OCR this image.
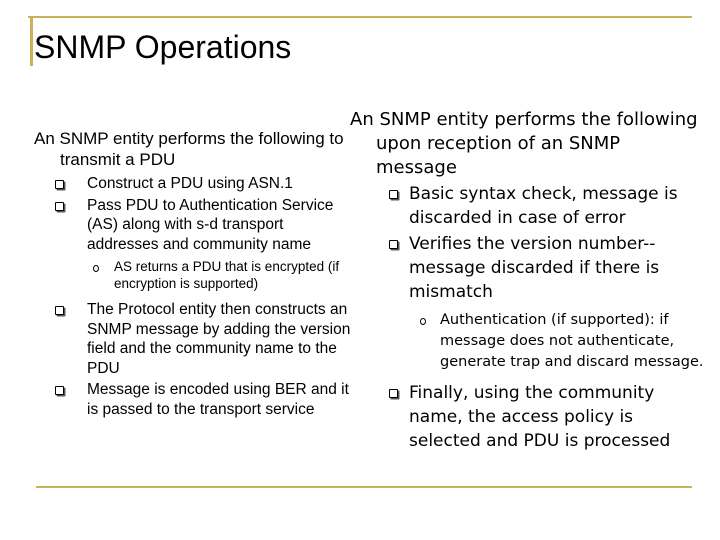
SNMP Operations

An SNMP entity performs the following to transmit a PDU

Construct a PDU using ASN.1
Pass PDU to Authentication Service (AS) along with s-d transport addresses and community name
AS returns a PDU that is encrypted (if encryption is supported)
The Protocol entity then constructs an SNMP message by adding the version field and the community name to the PDU
Message is encoded using BER and it is passed to the transport service

An SNMP entity performs the following upon reception of an SNMP message

Basic syntax check, message is discarded in case of error
Verifies the version number--message discarded if there is mismatch
Authentication (if supported): if message does not authenticate, generate trap and discard message.
Finally, using the community name, the access policy is selected and PDU is processed
